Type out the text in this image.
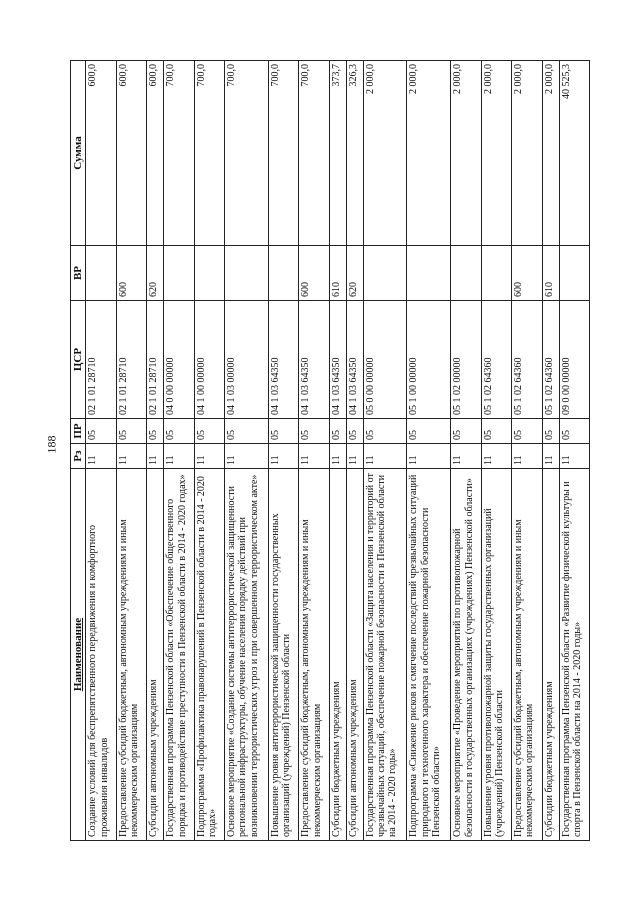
188
Наименование	Рз	ПР	ЦСР	ВР	Сумма
Создание условий для беспрепятственного передвижения и комфортного проживания инвалидов	11	05	02 1 01 28710		600,0
Предоставление субсидий бюджетным, автономным учреждениям и иным некоммерческим организациям	11	05	02 1 01 28710	600	600,0
Субсидии автономным учреждениям	11	05	02 1 01 28710	620	600,0
Государственная программа Пензенской области «Обеспечение общественного порядка и противодействие преступности в Пензенской области в 2014 - 2020 годах»	11	05	04 0 00 00000		700,0
Подпрограмма «Профилактика правонарушений в Пензенской области в 2014 - 2020 годах»	11	05	04 1 00 00000		700,0
Основное мероприятие «Создание системы антитеррористической защищенности региональной инфраструктуры, обучение населения порядку действий при возникновении террористических угроз и при совершенном террористическом акте»	11	05	04 1 03 00000		700,0
Повышение уровня антитеррористической защищенности государственных организаций (учреждений) Пензенской области	11	05	04 1 03 64350		700,0
Предоставление субсидий бюджетным, автономным учреждениям и иным некоммерческим организациям	11	05	04 1 03 64350	600	700,0
Субсидии бюджетным учреждениям	11	05	04 1 03 64350	610	373,7
Субсидии автономным учреждениям	11	05	04 1 03 64350	620	326,3
Государственная программа Пензенской области «Защита населения и территорий от чрезвычайных ситуаций, обеспечение пожарной безопасности в Пензенской области на 2014 - 2020 годы»	11	05	05 0 00 00000		2 000,0
Подпрограмма «Снижение рисков и смягчение последствий чрезвычайных ситуаций природного и техногенного характера и обеспечение пожарной безопасности Пензенской области»	11	05	05 1 00 00000		2 000,0
Основное мероприятие «Проведение мероприятий по противопожарной безопасности в государственных организациях (учреждениях) Пензенской области»	11	05	05 1 02 00000		2 000,0
Повышение уровня противопожарной защиты государственных организаций (учреждений) Пензенской области	11	05	05 1 02 64360		2 000,0
Предоставление субсидий бюджетным, автономным учреждениям и иным некоммерческим организациям	11	05	05 1 02 64360	600	2 000,0
Субсидии бюджетным учреждениям	11	05	05 1 02 64360	610	2 000,0
Государственная программа Пензенской области «Развитие физической культуры и спорта в Пензенской области на 2014 - 2020 годы»	11	05	09 0 00 00000		40 525,3
